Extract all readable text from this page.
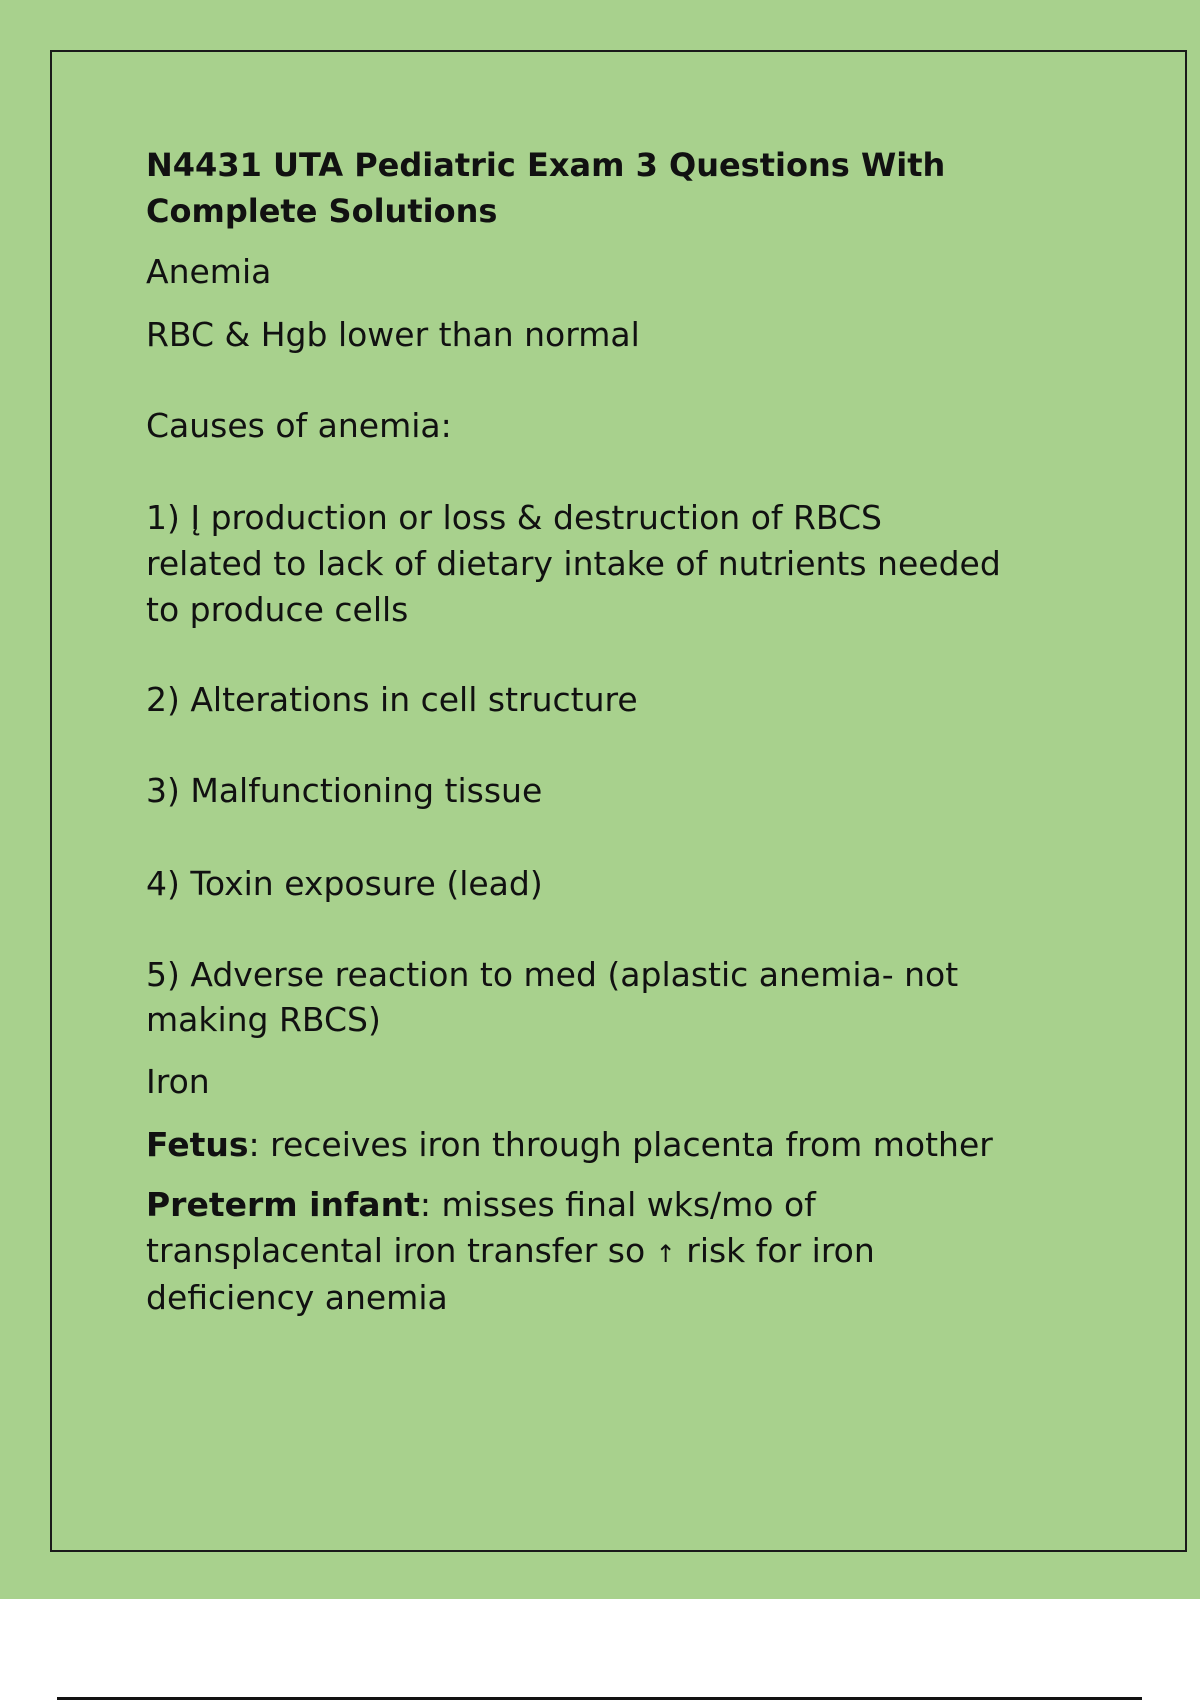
N4431 UTA Pediatric Exam 3 Questions With
Complete Solutions
Anemia
RBC & Hgb lower than normal
Causes of anemia:
1) Į production or loss & destruction of RBCS
related to lack of dietary intake of nutrients needed
to produce cells
2) Alterations in cell structure
3) Malfunctioning tissue
4) Toxin exposure (lead)
5) Adverse reaction to med (aplastic anemia- not
making RBCS)
Iron
Fetus: receives iron through placenta from mother
Preterm infant: misses final wks/mo of
transplacental iron transfer so ↑ risk for iron
deficiency anemia
